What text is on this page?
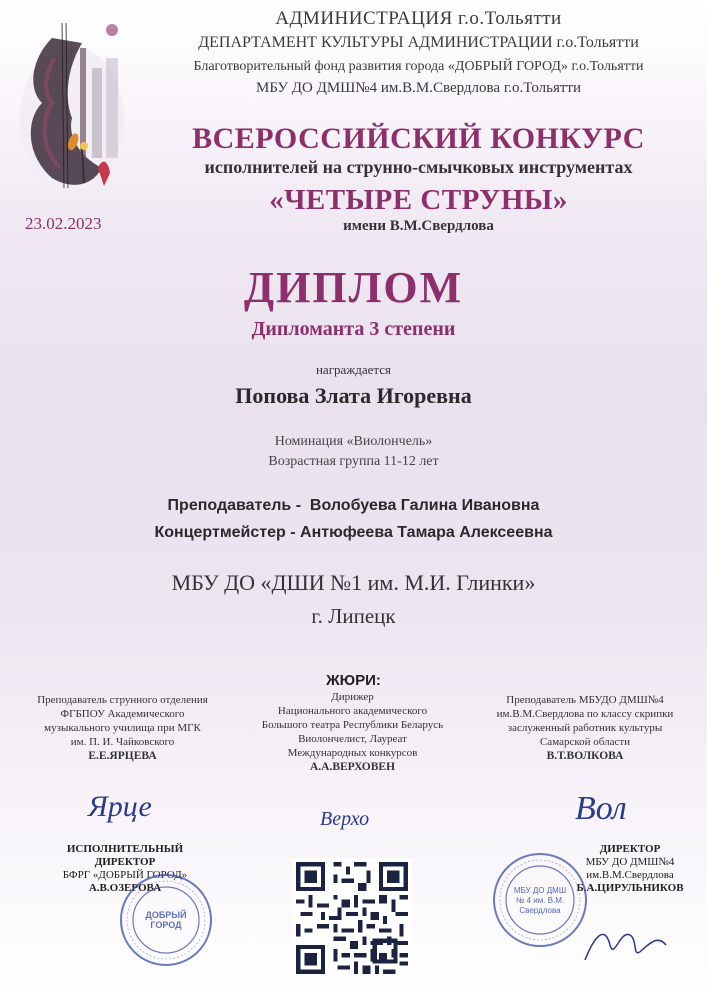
АДМИНИСТРАЦИЯ г.о.Тольятти
ДЕПАРТАМЕНТ КУЛЬТУРЫ АДМИНИСТРАЦИИ г.о.Тольятти
Благотворительный фонд развития города «ДОБРЫЙ ГОРОД» г.о.Тольятти
МБУ ДО ДМШ№4 им.В.М.Свердлова г.о.Тольятти
ВСЕРОССИЙСКИЙ КОНКУРС
исполнителей на струнно-смычковых инструментах
«ЧЕТЫРЕ СТРУНЫ»
имени В.М.Свердлова
23.02.2023
ДИПЛОМ
Дипломанта 3 степени
награждается
Попова Злата Игоревна
Номинация «Виолончель»
Возрастная группа 11-12 лет
Преподаватель -  Волобуева Галина Ивановна
Концертмейстер - Антюфеева Тамара Алексеевна
МБУ ДО «ДШИ №1 им. М.И. Глинки»
г. Липецк
ЖЮРИ:
Преподаватель струнного отделения
ФГБПОУ Академического
музыкального училища при МГК
им. П. И. Чайковского
Е.Е.ЯРЦЕВА
Ярце
Дирижер
Национального академического
Большого театра Республики Беларусь
Виолончелист, Лауреат
Международных конкурсов
А.А.ВЕРХОВЕН
Верхо
Преподаватель МБУДО ДМШ№4
им.В.М.Свердлова по классу скрипки
заслуженный работник культуры
Самарской области
В.Т.ВОЛКОВА
Вол
ИСПОЛНИТЕЛЬНЫЙ
ДИРЕКТОР
БФРГ «ДОБРЫЙ ГОРОД»
А.В.ОЗЕРОВА
ДОБРЫЙ ГОРОД
ДИРЕКТОР
МБУ ДО ДМШ№4
им.В.М.Свердлова
Б.А.ЦИРУЛЬНИКОВ
МБУ ДО ДМШ № 4 им. В.М. Свердлова
